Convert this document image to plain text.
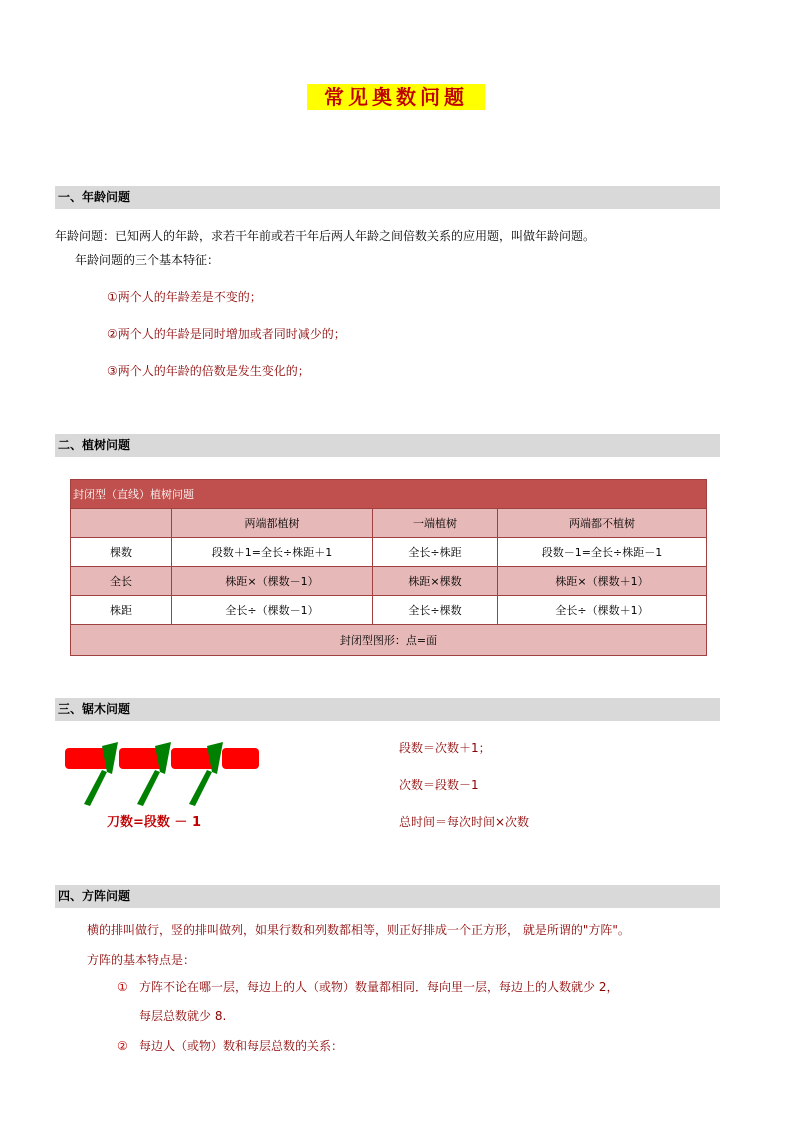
常见奥数问题
一、年龄问题
年龄问题：已知两人的年龄，求若干年前或若干年后两人年龄之间倍数关系的应用题，叫做年龄问题。
年龄问题的三个基本特征：
①两个人的年龄差是不变的；
②两个人的年龄是同时增加或者同时减少的；
③两个人的年龄的倍数是发生变化的；
二、植树问题
封闭型（直线）植树问题			
	两端都植树	一端植树	两端都不植树
棵数	段数＋1=全长÷株距＋1	全长÷株距	段数－1=全长÷株距－1
全长	株距×（棵数－1）	株距×棵数	株距×（棵数＋1）
株距	全长÷（棵数－1）	全长÷棵数	全长÷（棵数＋1）
封闭型图形：点=面			
三、锯木问题
刀数=段数 － 1
段数＝次数＋1；
次数＝段数－1
总时间＝每次时间×次数
四、方阵问题
横的排叫做行，竖的排叫做列，如果行数和列数都相等，则正好排成一个正方形， 就是所谓的"方阵"。
方阵的基本特点是：
① 方阵不论在哪一层，每边上的人（或物）数量都相同．每向里一层，每边上的人数就少 2，
每层总数就少 8.
② 每边人（或物）数和每层总数的关系：
